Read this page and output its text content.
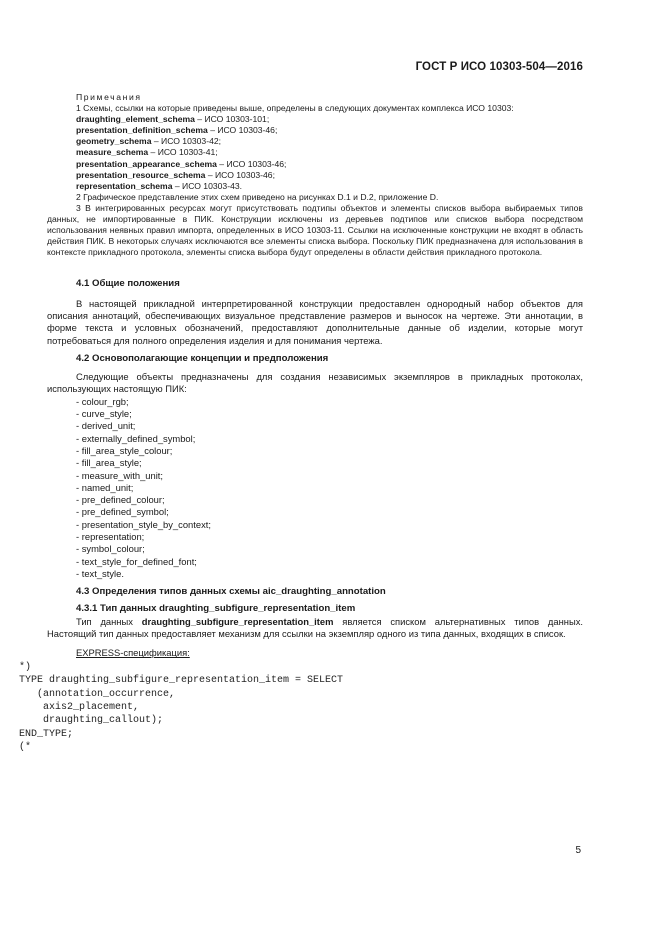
ГОСТ Р ИСО 10303-504—2016
Примечания
1 Схемы, ссылки на которые приведены выше, определены в следующих документах комплекса ИСО 10303:
draughting_element_schema – ИСО 10303-101;
presentation_definition_schema – ИСО 10303-46;
geometry_schema – ИСО 10303-42;
measure_schema – ИСО 10303-41;
presentation_appearance_schema – ИСО 10303-46;
presentation_resource_schema – ИСО 10303-46;
representation_schema – ИСО 10303-43.
2 Графическое представление этих схем приведено на рисунках D.1 и D.2, приложение D.
3 В интегрированных ресурсах могут присутствовать подтипы объектов и элементы списков выбора выбираемых типов данных, не импортированные в ПИК. Конструкции исключены из деревьев подтипов или списков выбора посредством использования неявных правил импорта, определенных в ИСО 10303-11. Ссылки на исключенные конструкции не входят в область действия ПИК. В некоторых случаях исключаются все элементы списка выбора. Поскольку ПИК предназначена для использования в контексте прикладного протокола, элементы списка выбора будут определены в области действия прикладного протокола.
4.1 Общие положения

В настоящей прикладной интерпретированной конструкции предоставлен однородный набор объектов для описания аннотаций, обеспечивающих визуальное представление размеров и выносок на чертеже. Эти аннотации, в форме текста и условных обозначений, предоставляют дополнительные данные об изделии, которые могут потребоваться для полного определения изделия и для понимания чертежа.

4.2 Основополагающие концепции и предположения

Следующие объекты предназначены для создания независимых экземпляров в прикладных протоколах, использующих настоящую ПИК:

- colour_rgb;
- curve_style;
- derived_unit;
- externally_defined_symbol;
- fill_area_style_colour;
- fill_area_style;
- measure_with_unit;
- named_unit;
- pre_defined_colour;
- pre_defined_symbol;
- presentation_style_by_context;
- representation;
- symbol_colour;
- text_style_for_defined_font;
- text_style.
4.3 Определения типов данных схемы aic_draughting_annotation
4.3.1 Тип данных draughting_subfigure_representation_item

Тип данных draughting_subfigure_representation_item является списком альтернативных типов данных. Настоящий тип данных предоставляет механизм для ссылки на экземпляр одного из типа данных, входящих в список.

EXPRESS-спецификация:
*)
TYPE draughting_subfigure_representation_item = SELECT
(annotation_occurrence,
axis2_placement,
draughting_callout);
END_TYPE;
(*
5
